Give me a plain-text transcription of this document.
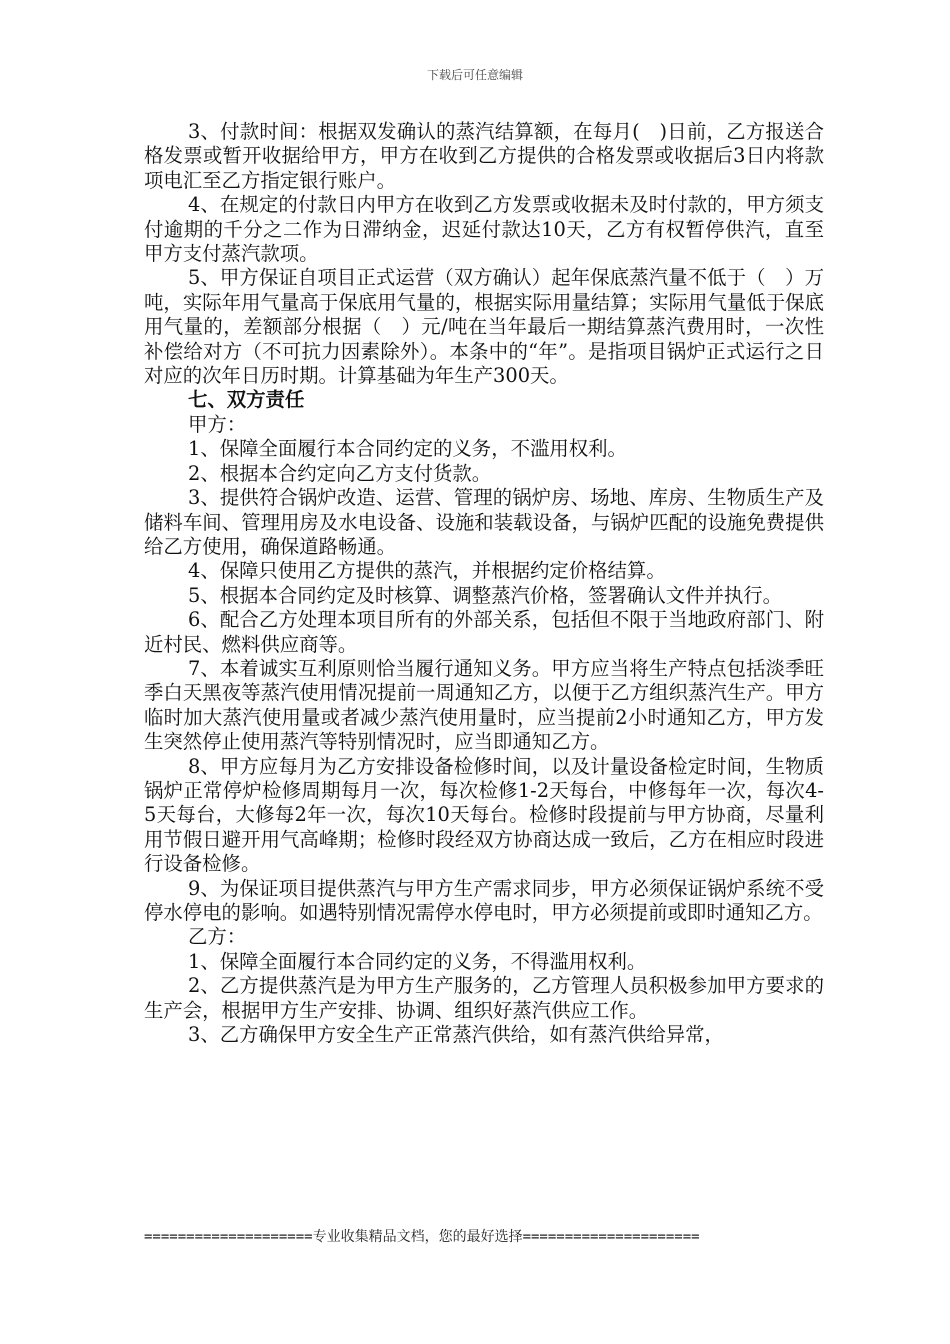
下载后可任意编辑

3、付款时间：根据双发确认的蒸汽结算额，在每月(　)日前，乙方报送合格发票或暂开收据给甲方，甲方在收到乙方提供的合格发票或收据后3日内将款项电汇至乙方指定银行账户。

4、在规定的付款日内甲方在收到乙方发票或收据未及时付款的，甲方须支付逾期的千分之二作为日滞纳金，迟延付款达10天，乙方有权暂停供汽，直至甲方支付蒸汽款项。

5、甲方保证自项目正式运营（双方确认）起年保底蒸汽量不低于（　）万吨，实际年用气量高于保底用气量的，根据实际用量结算；实际用气量低于保底用气量的，差额部分根据（　）元/吨在当年最后一期结算蒸汽费用时，一次性补偿给对方（不可抗力因素除外）。本条中的“年”。是指项目锅炉正式运行之日对应的次年日历时期。计算基础为年生产300天。

七、双方责任

甲方：

1、保障全面履行本合同约定的义务，不滥用权利。

2、根据本合约定向乙方支付货款。

3、提供符合锅炉改造、运营、管理的锅炉房、场地、库房、生物质生产及储料车间、管理用房及水电设备、设施和装载设备，与锅炉匹配的设施免费提供给乙方使用，确保道路畅通。

4、保障只使用乙方提供的蒸汽，并根据约定价格结算。

5、根据本合同约定及时核算、调整蒸汽价格，签署确认文件并执行。

6、配合乙方处理本项目所有的外部关系，包括但不限于当地政府部门、附近村民、燃料供应商等。

7、本着诚实互利原则恰当履行通知义务。甲方应当将生产特点包括淡季旺季白天黑夜等蒸汽使用情况提前一周通知乙方，以便于乙方组织蒸汽生产。甲方临时加大蒸汽使用量或者减少蒸汽使用量时，应当提前2小时通知乙方，甲方发生突然停止使用蒸汽等特别情况时，应当即通知乙方。

8、甲方应每月为乙方安排设备检修时间，以及计量设备检定时间，生物质锅炉正常停炉检修周期每月一次，每次检修1-2天每台，中修每年一次，每次4-5天每台，大修每2年一次，每次10天每台。检修时段提前与甲方协商，尽量利用节假日避开用气高峰期；检修时段经双方协商达成一致后，乙方在相应时段进行设备检修。

9、为保证项目提供蒸汽与甲方生产需求同步，甲方必须保证锅炉系统不受停水停电的影响。如遇特别情况需停水停电时，甲方必须提前或即时通知乙方。

乙方：

1、保障全面履行本合同约定的义务，不得滥用权利。

2、乙方提供蒸汽是为甲方生产服务的，乙方管理人员积极参加甲方要求的生产会，根据甲方生产安排、协调、组织好蒸汽供应工作。

3、乙方确保甲方安全生产正常蒸汽供给，如有蒸汽供给异常，

====================专业收集精品文档，您的最好选择=====================
